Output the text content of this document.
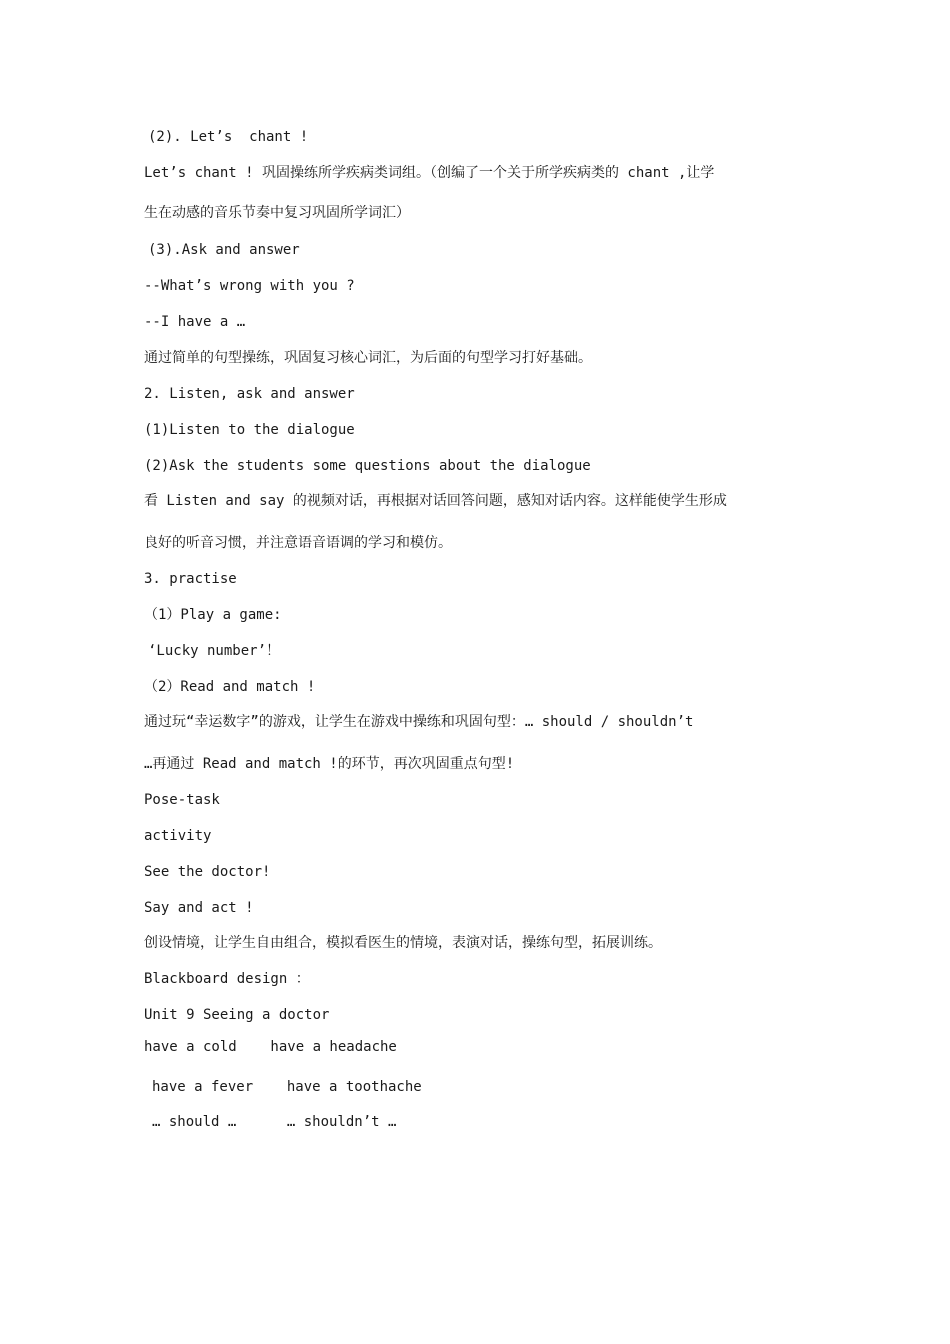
(2). Let’s  chant !
Let’s chant ! 巩固操练所学疾病类词组。（创编了一个关于所学疾病类的 chant ,让学
生在动感的音乐节奏中复习巩固所学词汇）
(3).Ask and answer
--What’s wrong with you ?
--I have a …
通过简单的句型操练，巩固复习核心词汇，为后面的句型学习打好基础。
2. Listen, ask and answer
(1)Listen to the dialogue
(2)Ask the students some questions about the dialogue
看 Listen and say 的视频对话，再根据对话回答问题，感知对话内容。这样能使学生形成
良好的听音习惯，并注意语音语调的学习和模仿。
3. practise
（1）Play a game:
‘Lucky number’！
（2）Read and match !
通过玩“幸运数字”的游戏，让学生在游戏中操练和巩固句型：… should / shouldn’t
…再通过 Read and match !的环节，再次巩固重点句型!
Pose-task
activity
See the doctor!
Say and act !
创设情境，让学生自由组合，模拟看医生的情境，表演对话，操练句型，拓展训练。
Blackboard design ：
Unit 9 Seeing a doctor
have a cold    have a headache
have a fever    have a toothache
… should …      … shouldn’t …
